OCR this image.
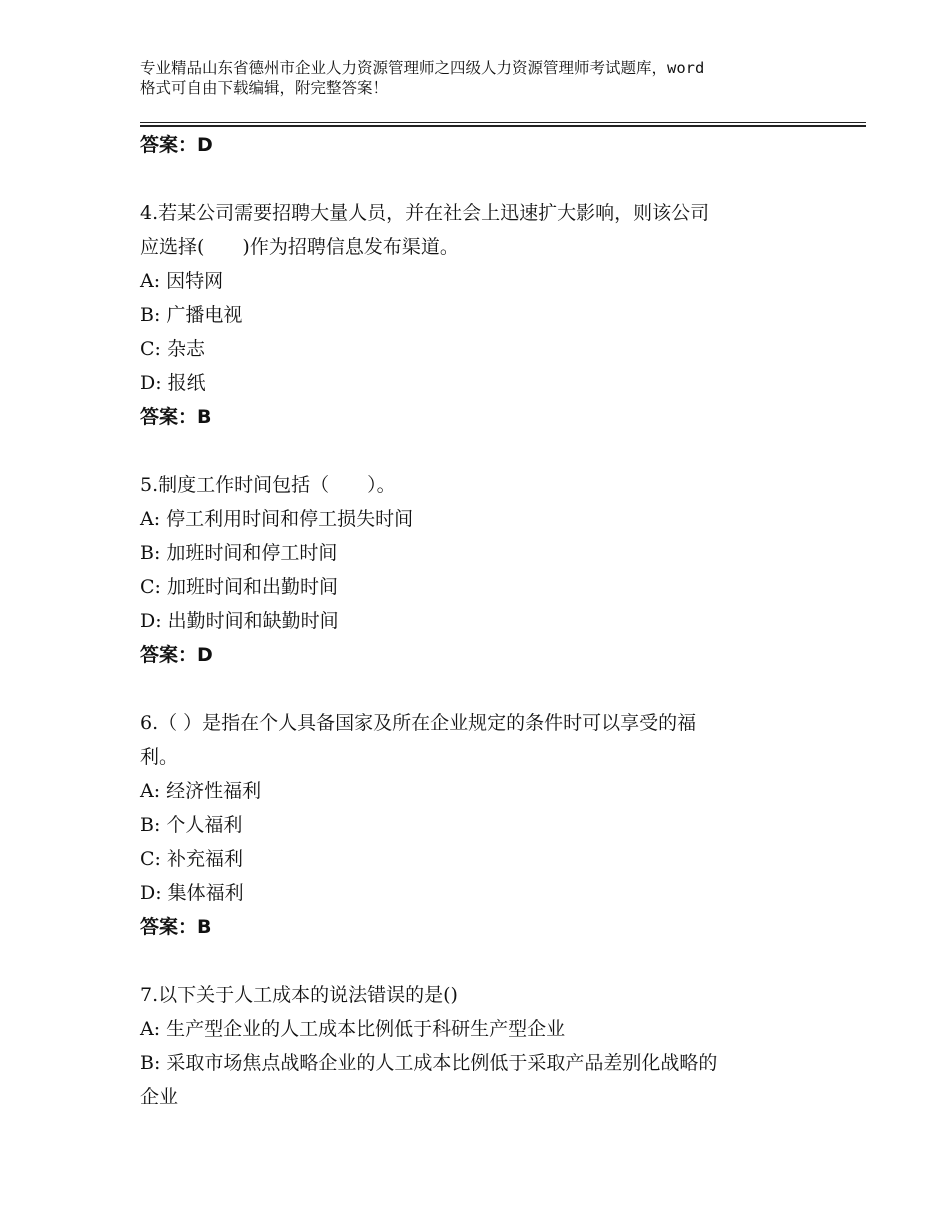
专业精品山东省德州市企业人力资源管理师之四级人力资源管理师考试题库，word
格式可自由下载编辑，附完整答案！
答案：D
4.若某公司需要招聘大量人员，并在社会上迅速扩大影响，则该公司
应选择(　　)作为招聘信息发布渠道。
A: 因特网
B: 广播电视
C: 杂志
D: 报纸
答案：B
5.制度工作时间包括（　　）。
A: 停工利用时间和停工损失时间
B: 加班时间和停工时间
C: 加班时间和出勤时间
D: 出勤时间和缺勤时间
答案：D
6.（ ）是指在个人具备国家及所在企业规定的条件时可以享受的福
利。
A: 经济性福利
B: 个人福利
C: 补充福利
D: 集体福利
答案：B
7.以下关于人工成本的说法错误的是()
A: 生产型企业的人工成本比例低于科研生产型企业
B: 采取市场焦点战略企业的人工成本比例低于采取产品差别化战略的
企业
